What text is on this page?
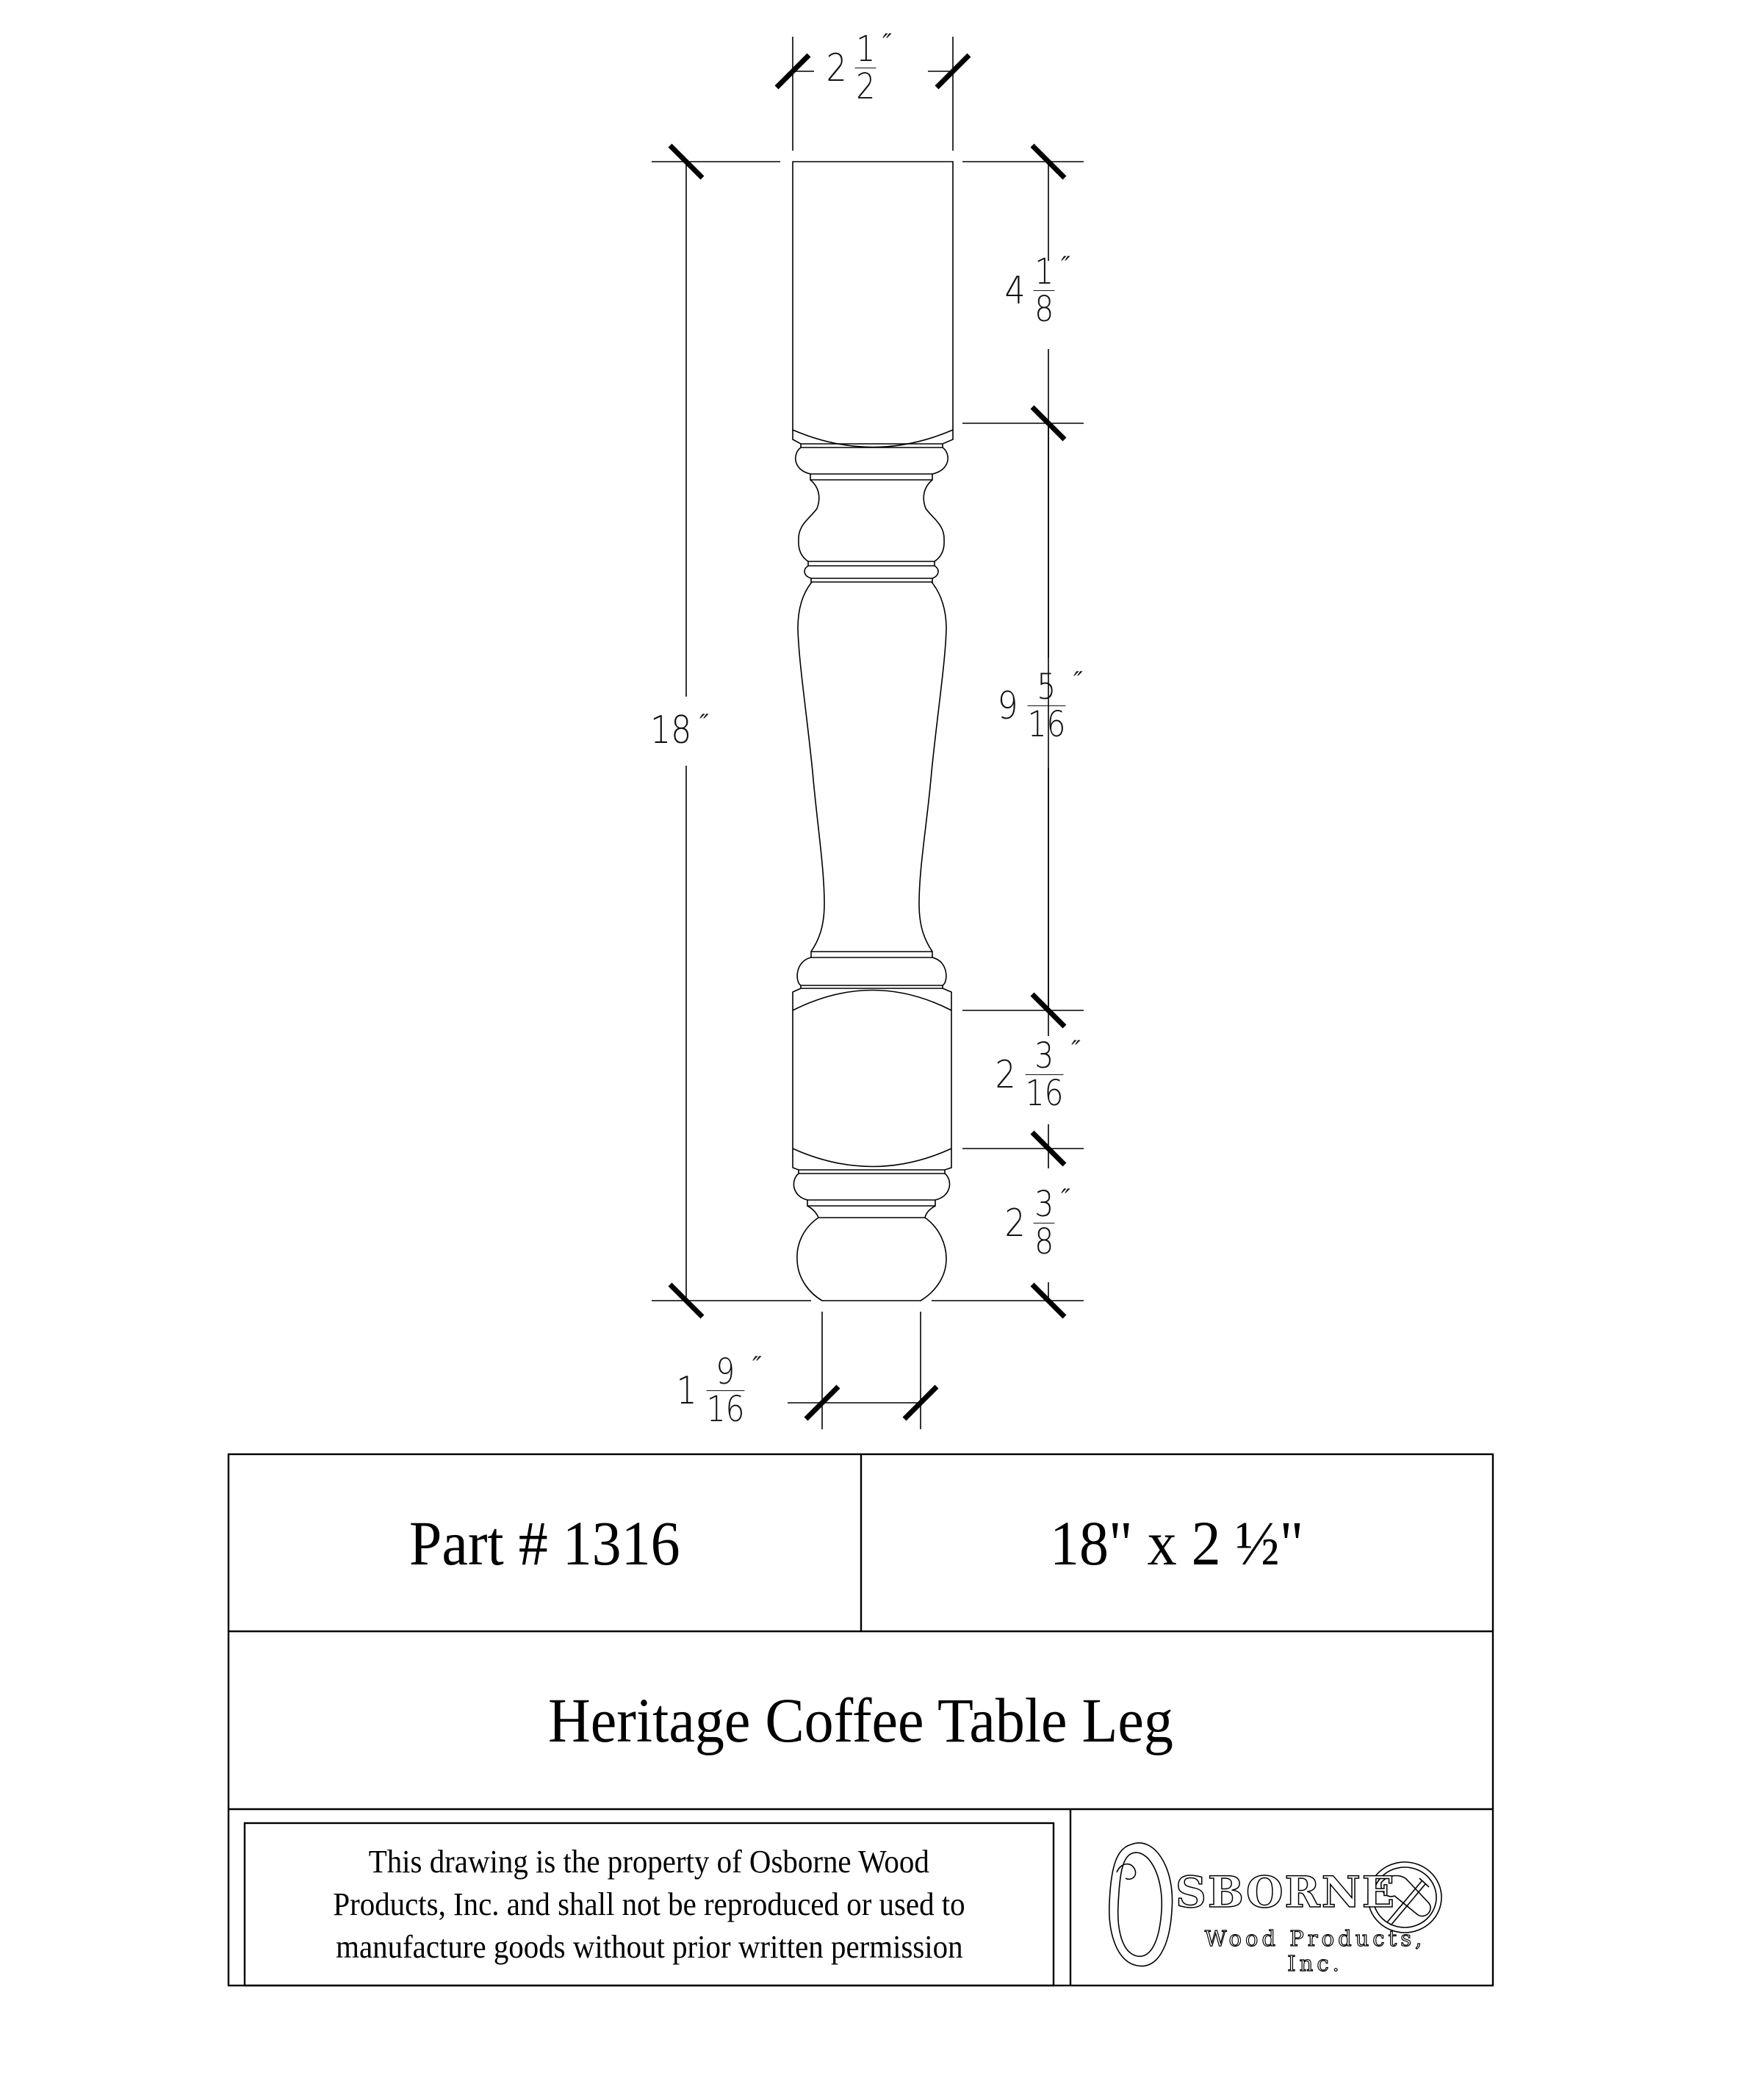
$2 \frac{1}{2}$ ″
18 ″
$4 \frac{1}{8}$ ″
$9 \frac{5}{16}$ ″
$2 \frac{3}{16}$ ″
$2 \frac{3}{8}$ ″
$1 \frac{9}{16}$ ″
Part # 1316	18" x 2 ½"
Heritage Coffee Table Leg
This drawing is the property of Osborne Wood
Products, Inc. and shall not be reproduced or used to
manufacture goods without prior written permission
SBORNE
Wood Products, Inc.
